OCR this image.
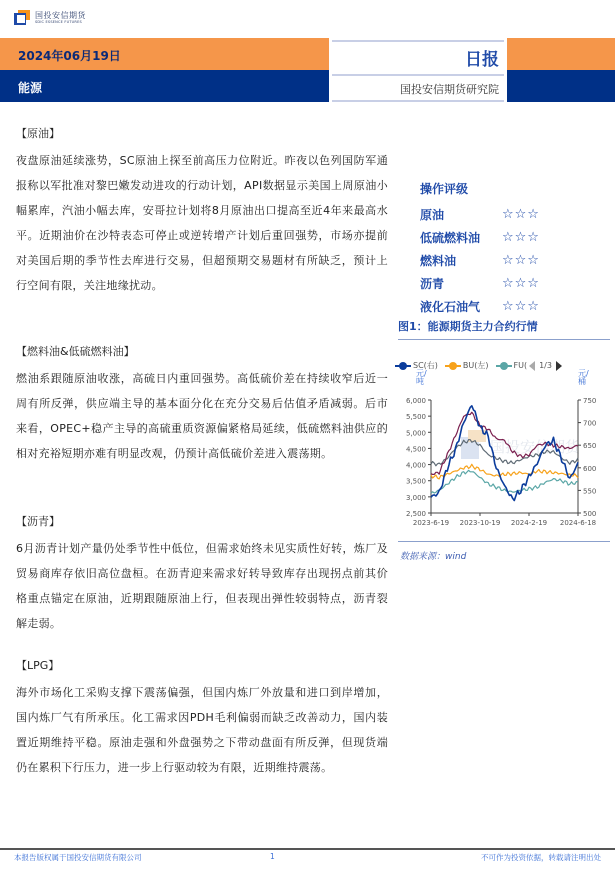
国投安信期货
SDIC ESSENCE FUTURES
2024年06月19日
能源
日报
国投安信期货研究院
【原油】
夜盘原油延续涨势，SC原油上探至前高压力位附近。昨夜以色列国防军通报称以军批准对黎巴嫩发动进攻的行动计划，API数据显示美国上周原油小幅累库，汽油小幅去库，安哥拉计划将8月原油出口提高至近4年来最高水平。近期油价在沙特表态可停止或逆转增产计划后重回强势，市场亦提前对美国后期的季节性去库进行交易，但超预期交易题材有所缺乏，预计上行空间有限，关注地缘扰动。
【燃料油&低硫燃料油】
燃油系跟随原油收涨，高硫日内重回强势。高低硫价差在持续收窄后近一周有所反弹，供应端主导的基本面分化在充分交易后估值矛盾减弱。后市来看，OPEC+稳产主导的高硫重质资源偏紧格局延续，低硫燃料油供应的相对充裕短期亦难有明显改观，仍预计高低硫价差进入震荡期。
【沥青】
6月沥青计划产量仍处季节性中低位，但需求始终未见实质性好转，炼厂及贸易商库存依旧高位盘桓。在沥青迎来需求好转导致库存出现拐点前其价格重点锚定在原油，近期跟随原油上行，但表现出弹性较弱特点，沥青裂解走弱。
【LPG】
海外市场化工采购支撑下震荡偏强，但国内炼厂外放量和进口到岸增加，国内炼厂气有所承压。化工需求因PDH毛利偏弱而缺乏改善动力，国内装置近期维持平稳。原油走强和外盘强势之下带动盘面有所反弹，但现货端仍在累积下行压力，进一步上行驱动较为有限，近期维持震荡。
操作评级
原油	☆☆☆
低硫燃料油	☆☆☆
燃料油	☆☆☆
沥青	☆☆☆
液化石油气	☆☆☆
图1：能源期货主力合约行情
SC(右)	BU(左)	FU( 1/3
元/吨
元/桶
国投安信期货
2,500
3,000
3,500
4,000
4,500
5,000
5,500
6,000
500
550
600
650
700
750
2023-6-19 2023-10-19 2024-2-19 2024-6-18
数据来源：wind
本报告版权属于国投安信期货有限公司	1	不可作为投资依据，转载请注明出处
